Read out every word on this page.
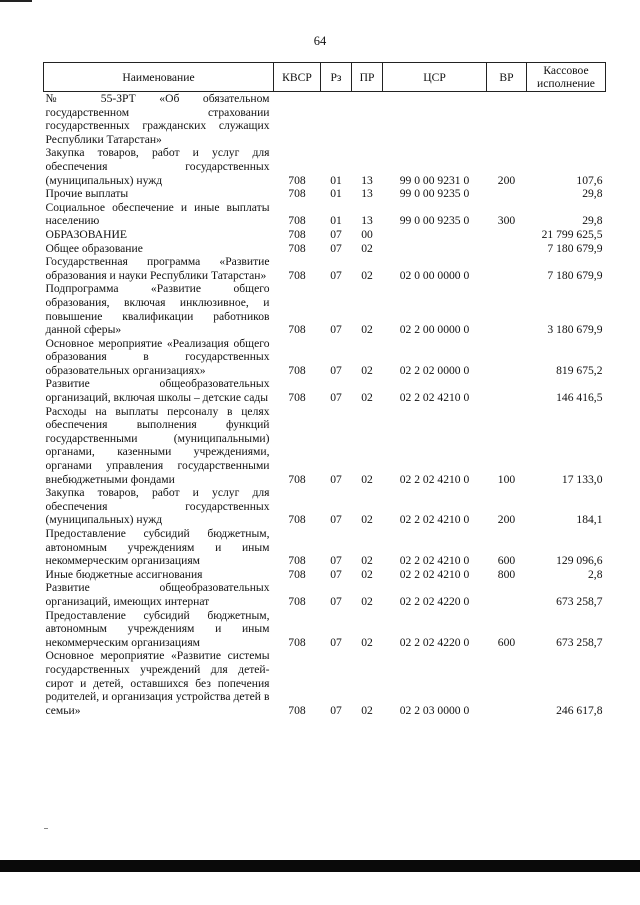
64
Наименование	КВСР	Рз	ПР	ЦСР	ВР	Кассовое исполнение
№ 55-ЗРТ «Об обязательном государственном страховании государственных гражданских служащих Республики Татарстан»						
Закупка товаров, работ и услуг для обеспечения государственных (муниципальных) нужд	708	01	13	99 0 00 9231 0	200	107,6
Прочие выплаты	708	01	13	99 0 00 9235 0		29,8
Социальное обеспечение и иные выплаты населению	708	01	13	99 0 00 9235 0	300	29,8
ОБРАЗОВАНИЕ	708	07	00			21 799 625,5
Общее образование	708	07	02			7 180 679,9
Государственная программа «Развитие образования и науки Республики Татарстан»	708	07	02	02 0 00 0000 0		7 180 679,9
Подпрограмма «Развитие общего образования, включая инклюзивное, и повышение квалификации работников данной сферы»	708	07	02	02 2 00 0000 0		3 180 679,9
Основное мероприятие «Реализация общего образования в государственных образовательных организациях»	708	07	02	02 2 02 0000 0		819 675,2
Развитие общеобразовательных организаций, включая школы – детские сады	708	07	02	02 2 02 4210 0		146 416,5
Расходы на выплаты персоналу в целях обеспечения выполнения функций государственными (муниципальными) органами, казенными учреждениями, органами управления государственными внебюджетными фондами	708	07	02	02 2 02 4210 0	100	17 133,0
Закупка товаров, работ и услуг для обеспечения государственных (муниципальных) нужд	708	07	02	02 2 02 4210 0	200	184,1
Предоставление субсидий бюджетным, автономным учреждениям и иным некоммерческим организациям	708	07	02	02 2 02 4210 0	600	129 096,6
Иные бюджетные ассигнования	708	07	02	02 2 02 4210 0	800	2,8
Развитие общеобразовательных организаций, имеющих интернат	708	07	02	02 2 02 4220 0		673 258,7
Предоставление субсидий бюджетным, автономным учреждениям и иным некоммерческим организациям	708	07	02	02 2 02 4220 0	600	673 258,7
Основное мероприятие «Развитие системы государственных учреждений для детей-сирот и детей, оставшихся без попечения родителей, и организация устройства детей в семьи»	708	07	02	02 2 03 0000 0		246 617,8
